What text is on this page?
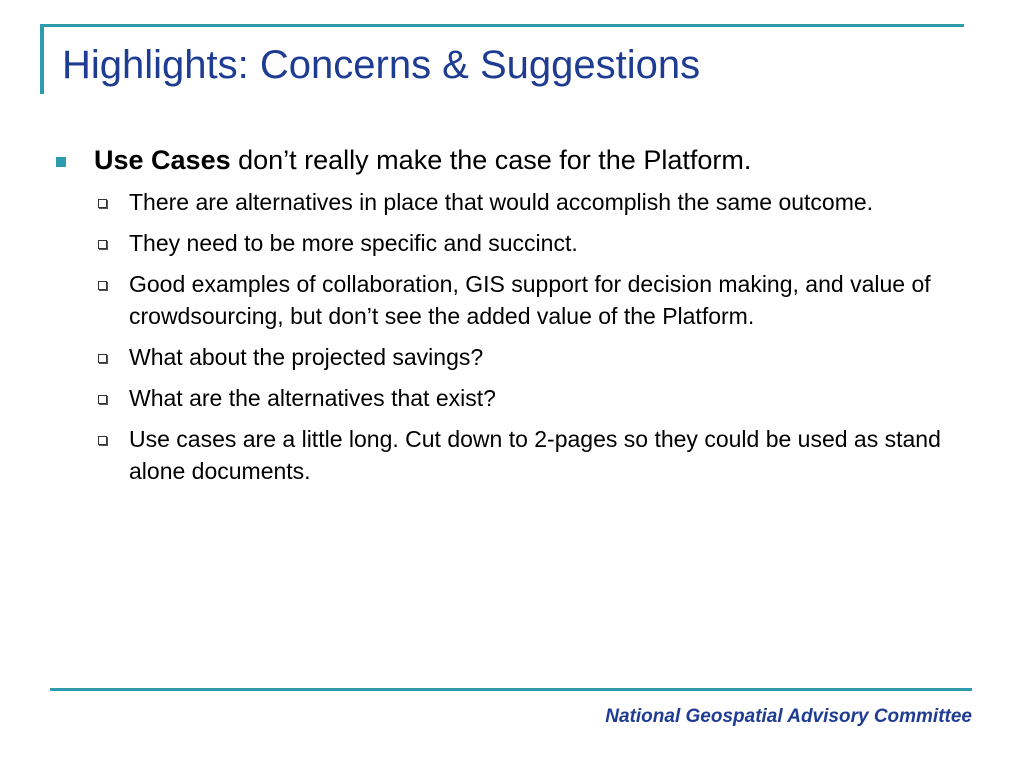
Highlights: Concerns & Suggestions
Use Cases don’t really make the case for the Platform.
There are alternatives in place that would accomplish the same outcome.
They need to be more specific and succinct.
Good examples of collaboration, GIS support for decision making, and value of crowdsourcing, but don’t see the added value of the Platform.
What about the projected savings?
What are the alternatives that exist?
Use cases are a little long. Cut down to 2-pages so they could be used as stand alone documents.
National Geospatial Advisory Committee
